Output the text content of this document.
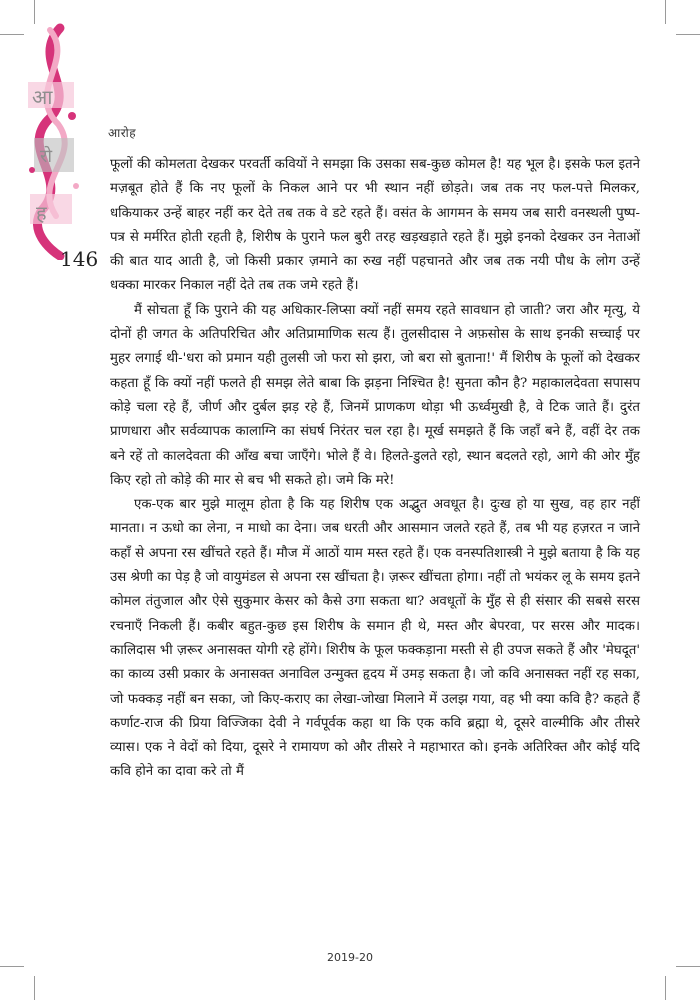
आ
रो
ह

146

आरोह

फूलों की कोमलता देखकर परवर्ती कवियों ने समझा कि उसका सब-कुछ कोमल है! यह भूल है। इसके फल इतने मज़बूत होते हैं कि नए फूलों के निकल आने पर भी स्थान नहीं छोड़ते। जब तक नए फल-पत्ते मिलकर, धकियाकर उन्हें बाहर नहीं कर देते तब तक वे डटे रहते हैं। वसंत के आगमन के समय जब सारी वनस्थली पुष्प-पत्र से मर्मरित होती रहती है, शिरीष के पुराने फल बुरी तरह खड़खड़ाते रहते हैं। मुझे इनको देखकर उन नेताओं की बात याद आती है, जो किसी प्रकार ज़माने का रुख नहीं पहचानते और जब तक नयी पौध के लोग उन्हें धक्का मारकर निकाल नहीं देते तब तक जमे रहते हैं।

मैं सोचता हूँ कि पुराने की यह अधिकार-लिप्सा क्यों नहीं समय रहते सावधान हो जाती? जरा और मृत्यु, ये दोनों ही जगत के अतिपरिचित और अतिप्रामाणिक सत्य हैं। तुलसीदास ने अफ़सोस के साथ इनकी सच्चाई पर मुहर लगाई थी-'धरा को प्रमान यही तुलसी जो फरा सो झरा, जो बरा सो बुताना!' मैं शिरीष के फूलों को देखकर कहता हूँ कि क्यों नहीं फलते ही समझ लेते बाबा कि झड़ना निश्चित है! सुनता कौन है? महाकालदेवता सपासप कोड़े चला रहे हैं, जीर्ण और दुर्बल झड़ रहे हैं, जिनमें प्राणकण थोड़ा भी ऊर्ध्वमुखी है, वे टिक जाते हैं। दुरंत प्राणधारा और सर्वव्यापक कालाग्नि का संघर्ष निरंतर चल रहा है। मूर्ख समझते हैं कि जहाँ बने हैं, वहीं देर तक बने रहें तो कालदेवता की आँख बचा जाएँगे। भोले हैं वे। हिलते-डुलते रहो, स्थान बदलते रहो, आगे की ओर मुँह किए रहो तो कोड़े की मार से बच भी सकते हो। जमे कि मरे!

एक-एक बार मुझे मालूम होता है कि यह शिरीष एक अद्भुत अवधूत है। दुःख हो या सुख, वह हार नहीं मानता। न ऊधो का लेना, न माधो का देना। जब धरती और आसमान जलते रहते हैं, तब भी यह हज़रत न जाने कहाँ से अपना रस खींचते रहते हैं। मौज में आठों याम मस्त रहते हैं। एक वनस्पतिशास्त्री ने मुझे बताया है कि यह उस श्रेणी का पेड़ है जो वायुमंडल से अपना रस खींचता है। ज़रूर खींचता होगा। नहीं तो भयंकर लू के समय इतने कोमल तंतुजाल और ऐसे सुकुमार केसर को कैसे उगा सकता था? अवधूतों के मुँह से ही संसार की सबसे सरस रचनाएँ निकली हैं। कबीर बहुत-कुछ इस शिरीष के समान ही थे, मस्त और बेपरवा, पर सरस और मादक। कालिदास भी ज़रूर अनासक्त योगी रहे होंगे। शिरीष के फूल फक्कड़ाना मस्ती से ही उपज सकते हैं और 'मेघदूत' का काव्य उसी प्रकार के अनासक्त अनाविल उन्मुक्त हृदय में उमड़ सकता है। जो कवि अनासक्त नहीं रह सका, जो फक्कड़ नहीं बन सका, जो किए-कराए का लेखा-जोखा मिलाने में उलझ गया, वह भी क्या कवि है? कहते हैं कर्णाट-राज की प्रिया विज्जिका देवी ने गर्वपूर्वक कहा था कि एक कवि ब्रह्मा थे, दूसरे वाल्मीकि और तीसरे व्यास। एक ने वेदों को दिया, दूसरे ने रामायण को और तीसरे ने महाभारत को। इनके अतिरिक्त और कोई यदि कवि होने का दावा करे तो मैं

2019-20
